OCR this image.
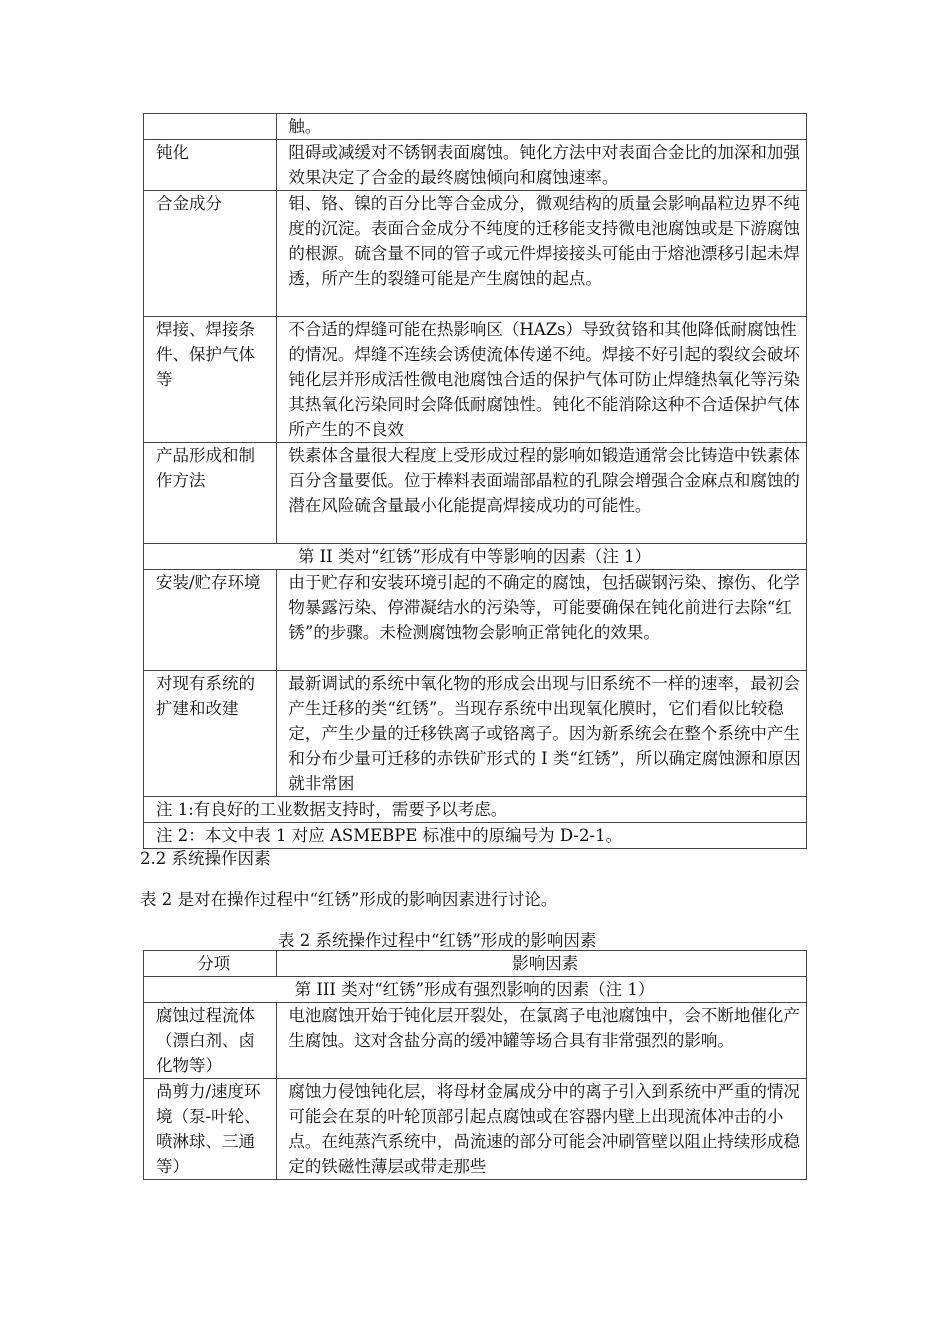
	触。
钝化	阻碍或减缓对不锈钢表面腐蚀。钝化方法中对表面合金比的加深和加强效果决定了合金的最终腐蚀倾向和腐蚀速率。
合金成分	钼、铬、镍的百分比等合金成分，微观结构的质量会影响晶粒边界不纯度的沉淀。表面合金成分不纯度的迁移能支持微电池腐蚀或是下游腐蚀的根源。硫含量不同的管子或元件焊接接头可能由于熔池漂移引起未焊透，所产生的裂缝可能是产生腐蚀的起点。
焊接、焊接条件、保护气体等	不合适的焊缝可能在热影响区（HAZs）导致贫铬和其他降低耐腐蚀性的情况。焊缝不连续会诱使流体传递不纯。焊接不好引起的裂纹会破坏钝化层并形成活性微电池腐蚀合适的保护气体可防止焊缝热氧化等污染其热氧化污染同时会降低耐腐蚀性。钝化不能消除这种不合适保护气体所产生的不良效

产品形成和制作方法	铁素体含量很大程度上受形成过程的影响如锻造通常会比铸造中铁素体百分含量要低。位于棒料表面端部晶粒的孔隙会增强合金麻点和腐蚀的潜在风险硫含量最小化能提高焊接成功的可能性。
第 II 类对“红锈”形成有中等影响的因素（注 1）	
安装/贮存环境	由于贮存和安装环境引起的不确定的腐蚀，包括碳钢污染、擦伤、化学物暴露污染、停滞凝结水的污染等，可能要确保在钝化前进行去除“红锈”的步骤。未检测腐蚀物会影响正常钝化的效果。
对现有系统的扩建和改建	最新调试的系统中氧化物的形成会出现与旧系统不一样的速率，最初会产生迁移的类“红锈”。当现存系统中出现氧化膜时，它们看似比较稳定，产生少量的迁移铁离子或铬离子。因为新系统会在整个系统中产生和分布少量可迁移的赤铁矿形式的 I 类“红锈”，所以确定腐蚀源和原因就非常困

注 1:有良好的工业数据支持时，需要予以考虑。	
注 2：本文中表 1 对应 ASMEBPE 标准中的原编号为 D-2-1。	
2.2 系统操作因素
表 2 是对在操作过程中“红锈”形成的影响因素进行讨论。
表 2 系统操作过程中“红锈”形成的影响因素
分项	影响因素
第 III 类对“红锈”形成有强烈影响的因素（注 1）	
腐蚀过程流体（漂白剂、卤化物等）	电池腐蚀开始于钝化层开裂处，在氯离子电池腐蚀中，会不断地催化产生腐蚀。这对含盐分高的缓冲罐等场合具有非常强烈的影响。
咼剪力/速度环境（泵-叶轮、喷淋球、三通等）	腐蚀力侵蚀钝化层，将母材金属成分中的离子引入到系统中严重的情况可能会在泵的叶轮顶部引起点腐蚀或在容器内壁上出现流体冲击的小点。在纯蒸汽系统中，咼流速的部分可能会冲刷管壁以阻止持续形成稳定的铁磁性薄层或带走那些
